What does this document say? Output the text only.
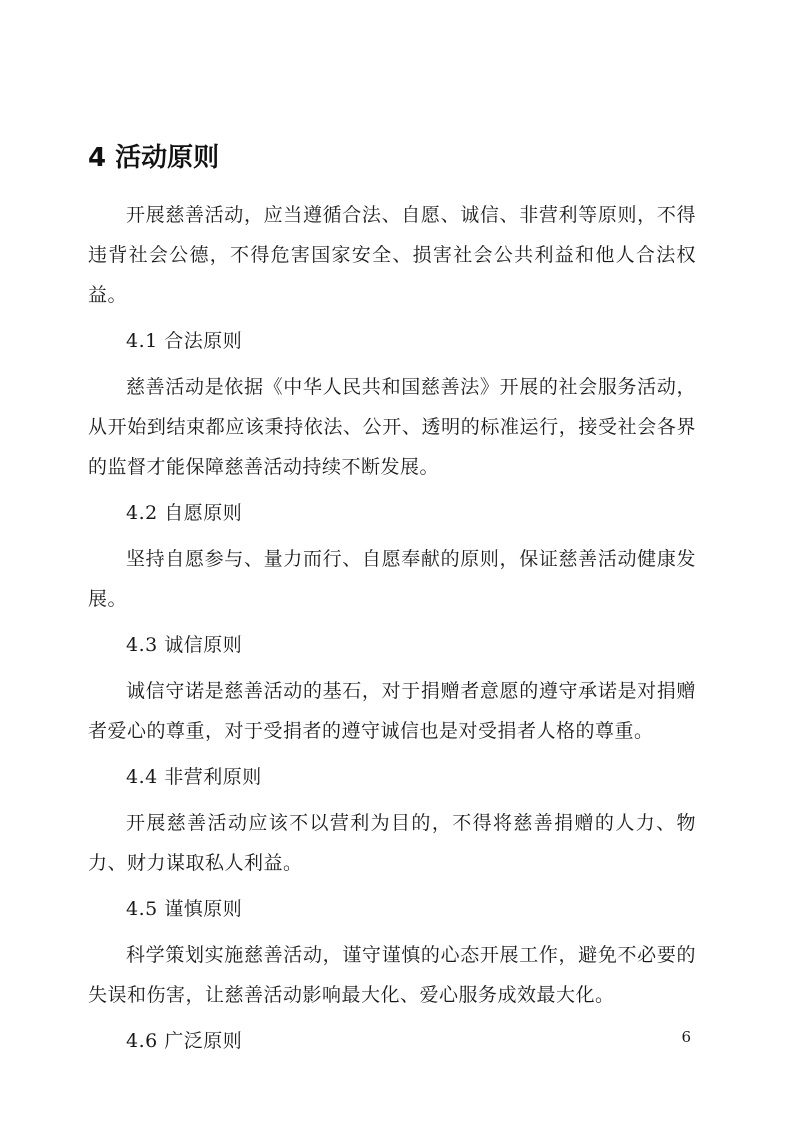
4 活动原则

开展慈善活动，应当遵循合法、自愿、诚信、非营利等原则，不得违背社会公德，不得危害国家安全、损害社会公共利益和他人合法权益。

4.1 合法原则

慈善活动是依据《中华人民共和国慈善法》开展的社会服务活动，从开始到结束都应该秉持依法、公开、透明的标准运行，接受社会各界的监督才能保障慈善活动持续不断发展。

4.2 自愿原则

坚持自愿参与、量力而行、自愿奉献的原则，保证慈善活动健康发展。

4.3 诚信原则

诚信守诺是慈善活动的基石，对于捐赠者意愿的遵守承诺是对捐赠者爱心的尊重，对于受捐者的遵守诚信也是对受捐者人格的尊重。

4.4 非营利原则

开展慈善活动应该不以营利为目的，不得将慈善捐赠的人力、物力、财力谋取私人利益。

4.5 谨慎原则

科学策划实施慈善活动，谨守谨慎的心态开展工作，避免不必要的失误和伤害，让慈善活动影响最大化、爱心服务成效最大化。

4.6 广泛原则	6
